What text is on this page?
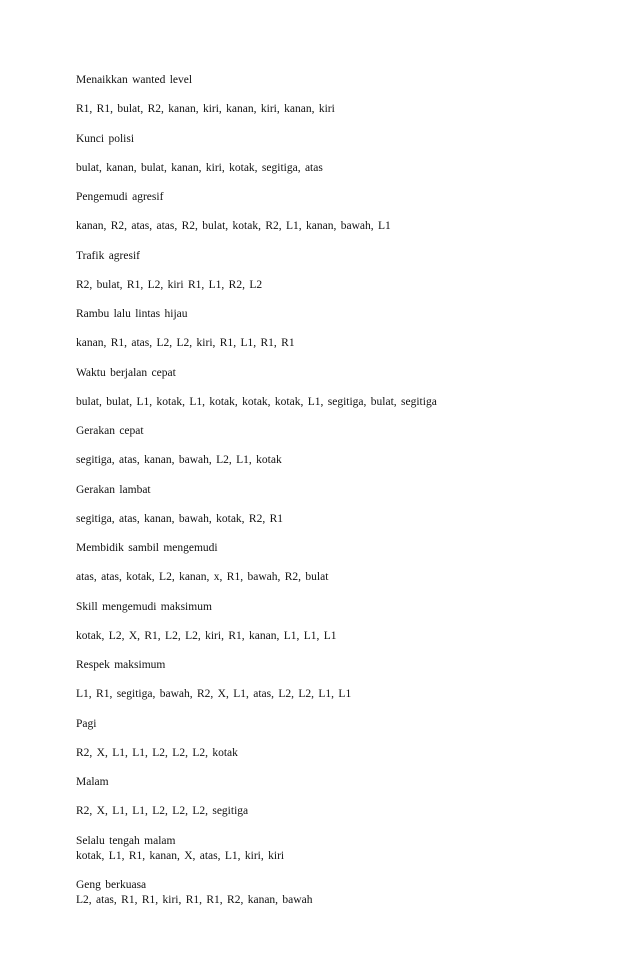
Menaikkan wanted level
R1, R1, bulat, R2, kanan, kiri, kanan, kiri, kanan, kiri
Kunci polisi
bulat, kanan, bulat, kanan, kiri, kotak, segitiga, atas
Pengemudi agresif
kanan, R2, atas, atas, R2, bulat, kotak, R2, L1, kanan, bawah, L1
Trafik agresif
R2, bulat, R1, L2, kiri R1, L1, R2, L2
Rambu lalu lintas hijau
kanan, R1, atas, L2, L2, kiri, R1, L1, R1, R1
Waktu berjalan cepat
bulat, bulat, L1, kotak, L1, kotak, kotak, kotak, L1, segitiga, bulat, segitiga
Gerakan cepat
segitiga, atas, kanan, bawah, L2, L1, kotak
Gerakan lambat
segitiga, atas, kanan, bawah, kotak, R2, R1
Membidik sambil mengemudi
atas, atas, kotak, L2, kanan, x, R1, bawah, R2, bulat
Skill mengemudi maksimum
kotak, L2, X, R1, L2, L2, kiri, R1, kanan, L1, L1, L1
Respek maksimum
L1, R1, segitiga, bawah, R2, X, L1, atas, L2, L2, L1, L1
Pagi
R2, X, L1, L1, L2, L2, L2, kotak
Malam
R2, X, L1, L1, L2, L2, L2, segitiga
Selalu tengah malam
kotak, L1, R1, kanan, X, atas, L1, kiri, kiri
Geng berkuasa
L2, atas, R1, R1, kiri, R1, R1, R2, kanan, bawah
